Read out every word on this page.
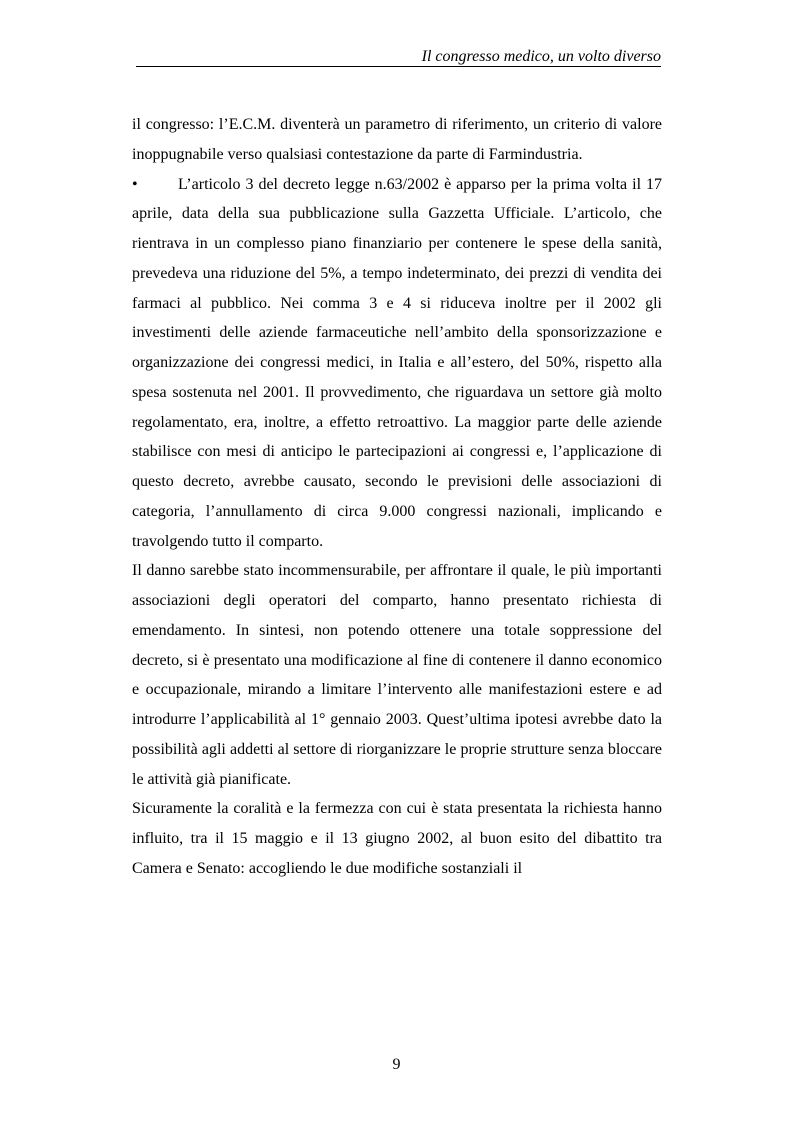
Il congresso medico, un volto diverso

il congresso: l’E.C.M. diventerà un parametro di riferimento, un criterio di valore inoppugnabile verso qualsiasi contestazione da parte di Farmindustria.

•	L’articolo 3 del decreto legge n.63/2002 è apparso per la prima volta il 17 aprile, data della sua pubblicazione sulla Gazzetta Ufficiale. L’articolo, che rientrava in un complesso piano finanziario per contenere le spese della sanità, prevedeva una riduzione del 5%, a tempo indeterminato, dei prezzi di vendita dei farmaci al pubblico. Nei comma 3 e 4 si riduceva inoltre per il 2002 gli investimenti delle aziende farmaceutiche nell’ambito della sponsorizzazione e organizzazione dei congressi medici, in Italia e all’estero, del 50%, rispetto alla spesa sostenuta nel 2001. Il provvedimento, che riguardava un settore già molto regolamentato, era, inoltre, a effetto retroattivo. La maggior parte delle aziende stabilisce con mesi di anticipo le partecipazioni ai congressi e, l’applicazione di questo decreto, avrebbe causato, secondo le previsioni delle associazioni di categoria, l’annullamento di circa 9.000 congressi nazionali, implicando e travolgendo tutto il comparto.

Il danno sarebbe stato incommensurabile, per affrontare il quale, le più importanti associazioni degli operatori del comparto, hanno presentato richiesta di emendamento. In sintesi, non potendo ottenere una totale soppressione del decreto, si è presentato una modificazione al fine di contenere il danno economico e occupazionale, mirando a limitare l’intervento alle manifestazioni estere e ad introdurre l’applicabilità al 1° gennaio 2003. Quest’ultima ipotesi avrebbe dato la possibilità agli addetti al settore di riorganizzare le proprie strutture senza bloccare le attività già pianificate.

Sicuramente la coralità e la fermezza con cui è stata presentata la richiesta hanno influito, tra il 15 maggio e il 13 giugno 2002, al buon esito del dibattito tra Camera e Senato: accogliendo le due modifiche sostanziali il

9
